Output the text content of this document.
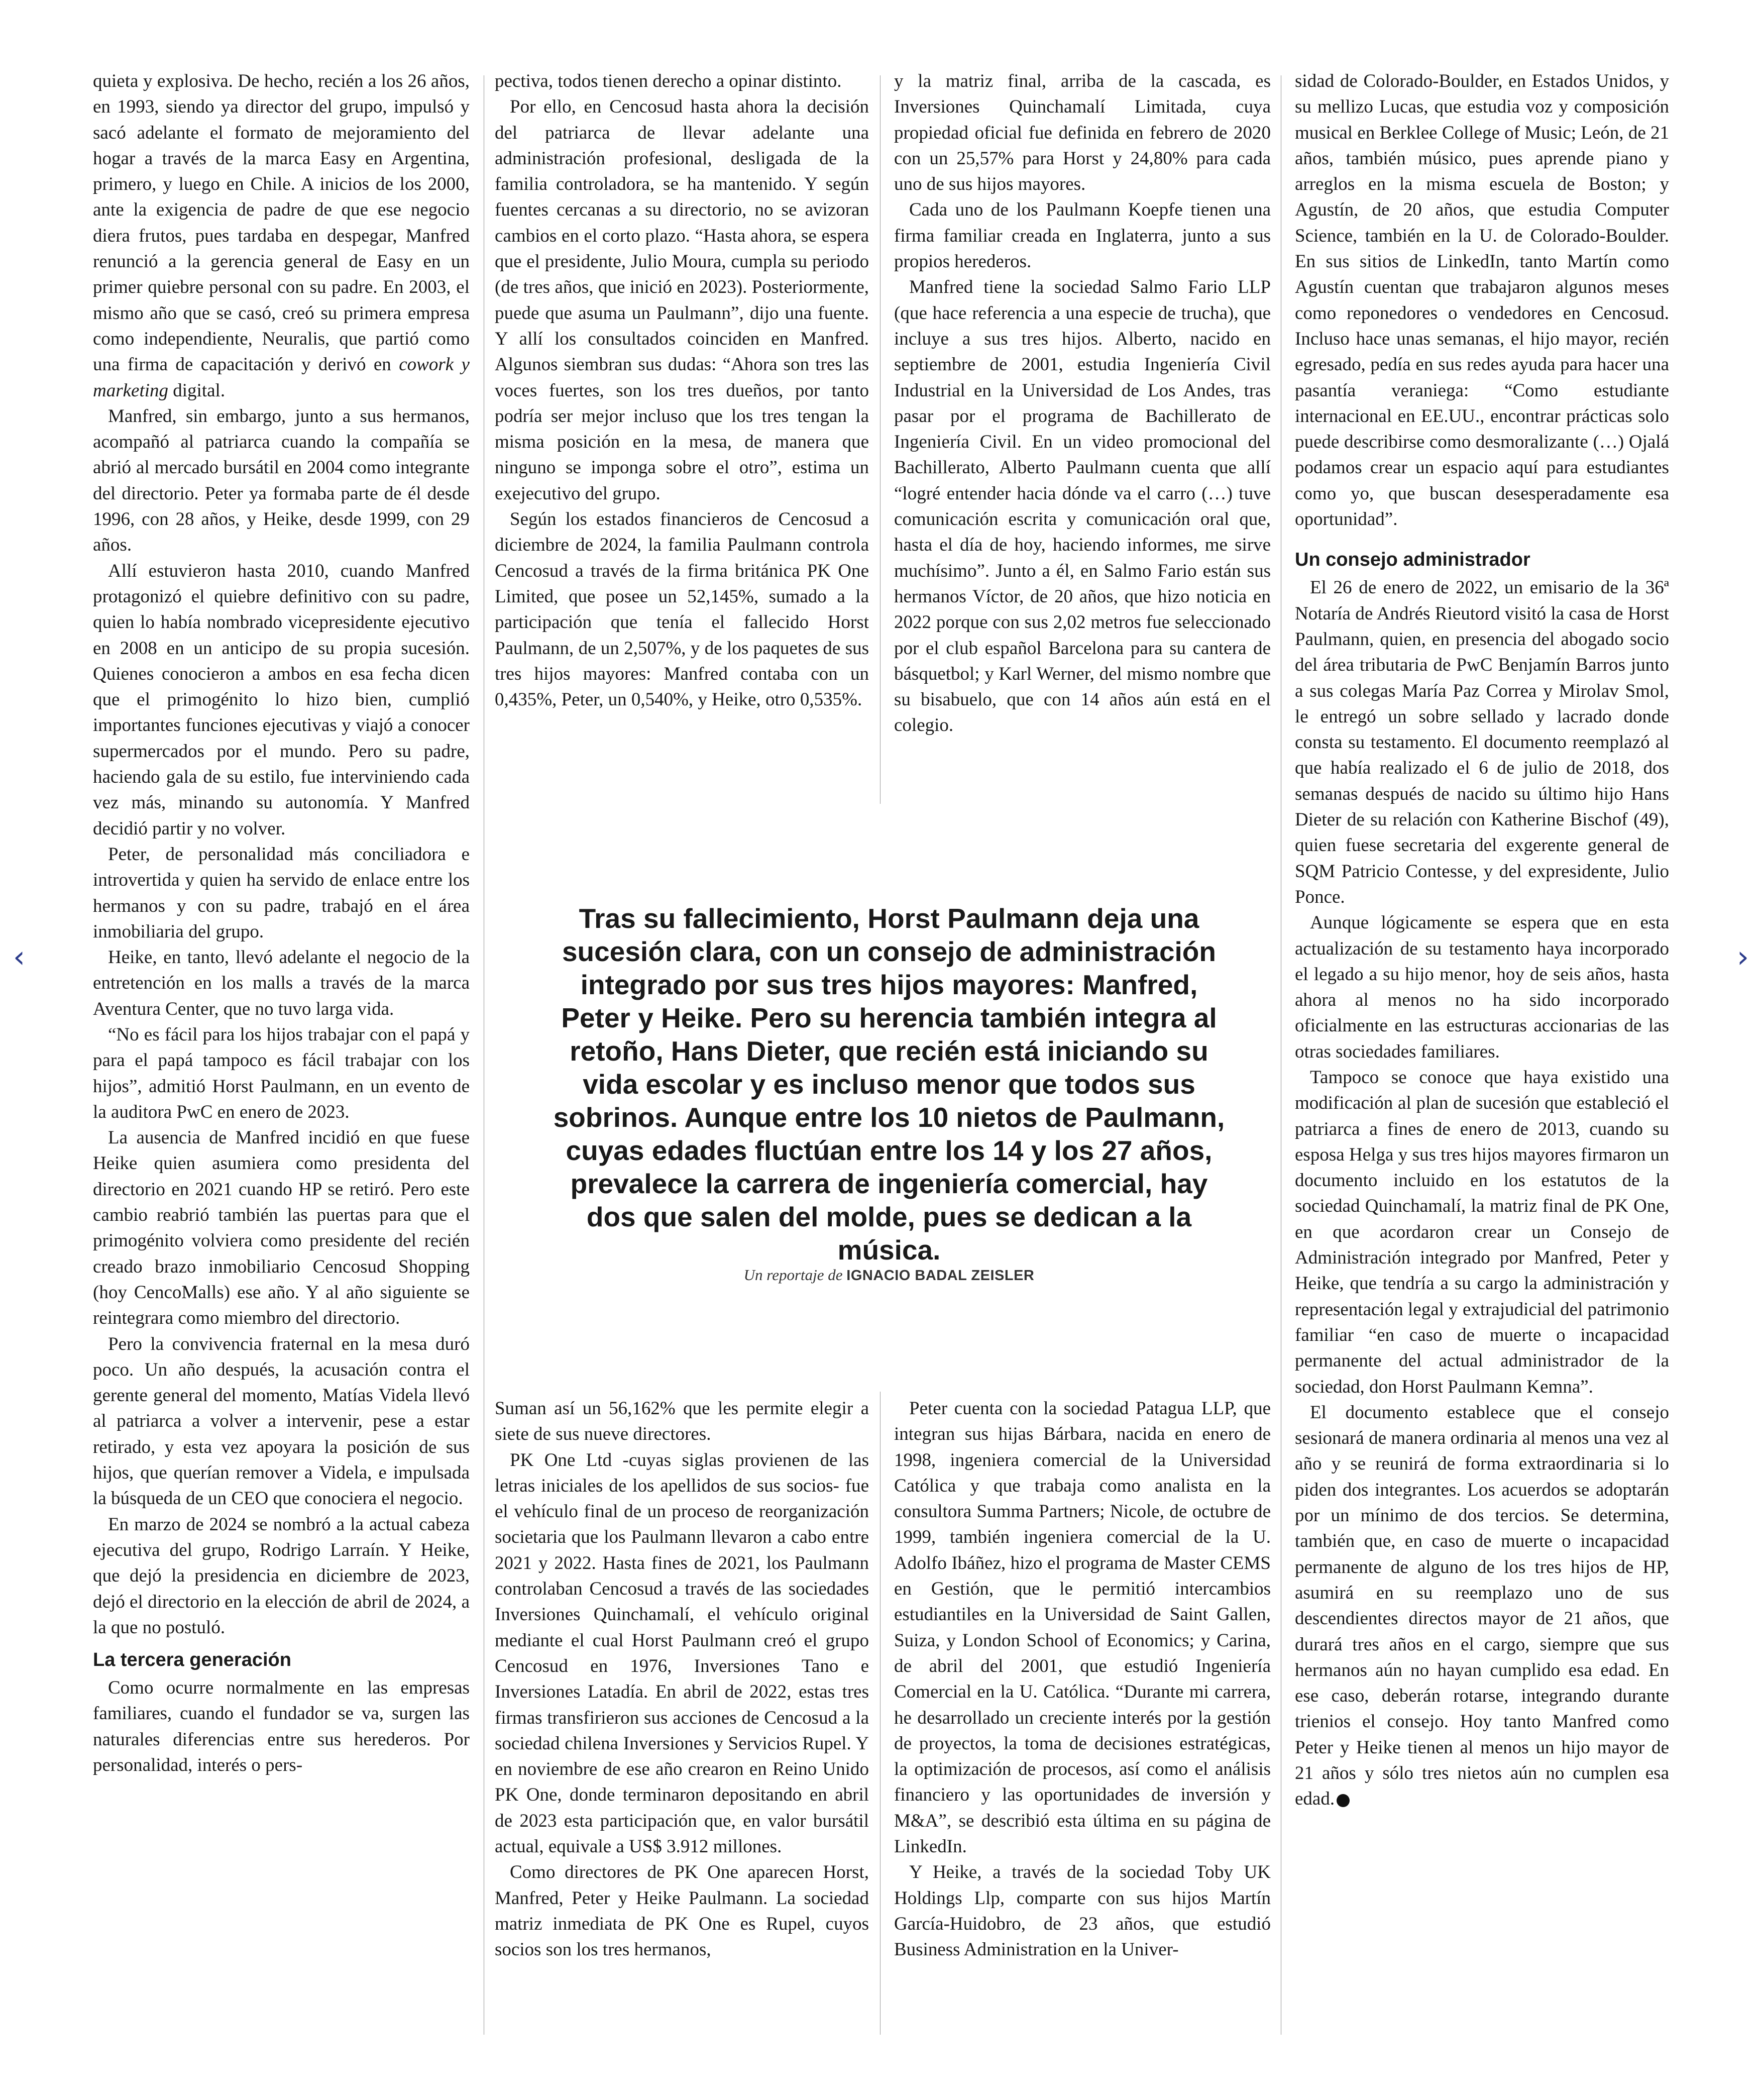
‹	›

quieta y explosiva. De hecho, recién a los 26 años, en 1993, siendo ya director del grupo, impulsó y sacó adelante el formato de mejoramiento del hogar a través de la marca Easy en Argentina, primero, y luego en Chile. A inicios de los 2000, ante la exigencia de padre de que ese negocio diera frutos, pues tardaba en despegar, Manfred renunció a la gerencia general de Easy en un primer quiebre personal con su padre. En 2003, el mismo año que se casó, creó su primera empresa como independiente, Neuralis, que partió como una firma de capacitación y derivó en cowork y marketing digital.

Manfred, sin embargo, junto a sus hermanos, acompañó al patriarca cuando la compañía se abrió al mercado bursátil en 2004 como integrante del directorio. Peter ya formaba parte de él desde 1996, con 28 años, y Heike, desde 1999, con 29 años.

Allí estuvieron hasta 2010, cuando Manfred protagonizó el quiebre definitivo con su padre, quien lo había nombrado vicepresidente ejecutivo en 2008 en un anticipo de su propia sucesión. Quienes conocieron a ambos en esa fecha dicen que el primogénito lo hizo bien, cumplió importantes funciones ejecutivas y viajó a conocer supermercados por el mundo. Pero su padre, haciendo gala de su estilo, fue interviniendo cada vez más, minando su autonomía. Y Manfred decidió partir y no volver.

Peter, de personalidad más conciliadora e introvertida y quien ha servido de enlace entre los hermanos y con su padre, trabajó en el área inmobiliaria del grupo.

Heike, en tanto, llevó adelante el negocio de la entretención en los malls a través de la marca Aventura Center, que no tuvo larga vida.

“No es fácil para los hijos trabajar con el papá y para el papá tampoco es fácil trabajar con los hijos”, admitió Horst Paulmann, en un evento de la auditora PwC en enero de 2023.

La ausencia de Manfred incidió en que fuese Heike quien asumiera como presidenta del directorio en 2021 cuando HP se retiró. Pero este cambio reabrió también las puertas para que el primogénito volviera como presidente del recién creado brazo inmobiliario Cencosud Shopping (hoy CencoMalls) ese año. Y al año siguiente se reintegrara como miembro del directorio.

Pero la convivencia fraternal en la mesa duró poco. Un año después, la acusación contra el gerente general del momento, Matías Videla llevó al patriarca a volver a intervenir, pese a estar retirado, y esta vez apoyara la posición de sus hijos, que querían remover a Videla, e impulsada la búsqueda de un CEO que conociera el negocio.

En marzo de 2024 se nombró a la actual cabeza ejecutiva del grupo, Rodrigo Larraín. Y Heike, que dejó la presidencia en diciembre de 2023, dejó el directorio en la elección de abril de 2024, a la que no postuló.

La tercera generación

Como ocurre normalmente en las empresas familiares, cuando el fundador se va, surgen las naturales diferencias entre sus herederos. Por personalidad, interés o pers-

pectiva, todos tienen derecho a opinar distinto.

Por ello, en Cencosud hasta ahora la decisión del patriarca de llevar adelante una administración profesional, desligada de la familia controladora, se ha mantenido. Y según fuentes cercanas a su directorio, no se avizoran cambios en el corto plazo. “Hasta ahora, se espera que el presidente, Julio Moura, cumpla su periodo (de tres años, que inició en 2023). Posteriormente, puede que asuma un Paulmann”, dijo una fuente. Y allí los consultados coinciden en Manfred. Algunos siembran sus dudas: “Ahora son tres las voces fuertes, son los tres dueños, por tanto podría ser mejor incluso que los tres tengan la misma posición en la mesa, de manera que ninguno se imponga sobre el otro”, estima un exejecutivo del grupo.

Según los estados financieros de Cencosud a diciembre de 2024, la familia Paulmann controla Cencosud a través de la firma británica PK One Limited, que posee un 52,145%, sumado a la participación que tenía el fallecido Horst Paulmann, de un 2,507%, y de los paquetes de sus tres hijos mayores: Manfred contaba con un 0,435%, Peter, un 0,540%, y Heike, otro 0,535%.

y la matriz final, arriba de la cascada, es Inversiones Quinchamalí Limitada, cuya propiedad oficial fue definida en febrero de 2020 con un 25,57% para Horst y 24,80% para cada uno de sus hijos mayores.

Cada uno de los Paulmann Koepfe tienen una firma familiar creada en Inglaterra, junto a sus propios herederos.

Manfred tiene la sociedad Salmo Fario LLP (que hace referencia a una especie de trucha), que incluye a sus tres hijos. Alberto, nacido en septiembre de 2001, estudia Ingeniería Civil Industrial en la Universidad de Los Andes, tras pasar por el programa de Bachillerato de Ingeniería Civil. En un video promocional del Bachillerato, Alberto Paulmann cuenta que allí “logré entender hacia dónde va el carro (…) tuve comunicación escrita y comunicación oral que, hasta el día de hoy, haciendo informes, me sirve muchísimo”. Junto a él, en Salmo Fario están sus hermanos Víctor, de 20 años, que hizo noticia en 2022 porque con sus 2,02 metros fue seleccionado por el club español Barcelona para su cantera de básquetbol; y Karl Werner, del mismo nombre que su bisabuelo, que con 14 años aún está en el colegio.

Tras su fallecimiento, Horst Paulmann deja una sucesión clara, con un consejo de administración integrado por sus tres hijos mayores: Manfred, Peter y Heike. Pero su herencia también integra al retoño, Hans Dieter, que recién está iniciando su vida escolar y es incluso menor que todos sus sobrinos. Aunque entre los 10 nietos de Paulmann, cuyas edades fluctúan entre los 14 y los 27 años, prevalece la carrera de ingeniería comercial, hay dos que salen del molde, pues se dedican a la música.
Un reportaje de IGNACIO BADAL ZEISLER

Suman así un 56,162% que les permite elegir a siete de sus nueve directores.

PK One Ltd -cuyas siglas provienen de las letras iniciales de los apellidos de sus socios- fue el vehículo final de un proceso de reorganización societaria que los Paulmann llevaron a cabo entre 2021 y 2022. Hasta fines de 2021, los Paulmann controlaban Cencosud a través de las sociedades Inversiones Quinchamalí, el vehículo original mediante el cual Horst Paulmann creó el grupo Cencosud en 1976, Inversiones Tano e Inversiones Latadía. En abril de 2022, estas tres firmas transfirieron sus acciones de Cencosud a la sociedad chilena Inversiones y Servicios Rupel. Y en noviembre de ese año crearon en Reino Unido PK One, donde terminaron depositando en abril de 2023 esta participación que, en valor bursátil actual, equivale a US$ 3.912 millones.

Como directores de PK One aparecen Horst, Manfred, Peter y Heike Paulmann. La sociedad matriz inmediata de PK One es Rupel, cuyos socios son los tres hermanos,

Peter cuenta con la sociedad Patagua LLP, que integran sus hijas Bárbara, nacida en enero de 1998, ingeniera comercial de la Universidad Católica y que trabaja como analista en la consultora Summa Partners; Nicole, de octubre de 1999, también ingeniera comercial de la U. Adolfo Ibáñez, hizo el programa de Master CEMS en Gestión, que le permitió intercambios estudiantiles en la Universidad de Saint Gallen, Suiza, y London School of Economics; y Carina, de abril del 2001, que estudió Ingeniería Comercial en la U. Católica. “Durante mi carrera, he desarrollado un creciente interés por la gestión de proyectos, la toma de decisiones estratégicas, la optimización de procesos, así como el análisis financiero y las oportunidades de inversión y M&A”, se describió esta última en su página de LinkedIn.

Y Heike, a través de la sociedad Toby UK Holdings Llp, comparte con sus hijos Martín García-Huidobro, de 23 años, que estudió Business Administration en la Univer-

sidad de Colorado-Boulder, en Estados Unidos, y su mellizo Lucas, que estudia voz y composición musical en Berklee College of Music; León, de 21 años, también músico, pues aprende piano y arreglos en la misma escuela de Boston; y Agustín, de 20 años, que estudia Computer Science, también en la U. de Colorado-Boulder. En sus sitios de LinkedIn, tanto Martín como Agustín cuentan que trabajaron algunos meses como reponedores o vendedores en Cencosud. Incluso hace unas semanas, el hijo mayor, recién egresado, pedía en sus redes ayuda para hacer una pasantía veraniega: “Como estudiante internacional en EE.UU., encontrar prácticas solo puede describirse como desmoralizante (…) Ojalá podamos crear un espacio aquí para estudiantes como yo, que buscan desesperadamente esa oportunidad”.

Un consejo administrador

El 26 de enero de 2022, un emisario de la 36ª Notaría de Andrés Rieutord visitó la casa de Horst Paulmann, quien, en presencia del abogado socio del área tributaria de PwC Benjamín Barros junto a sus colegas María Paz Correa y Mirolav Smol, le entregó un sobre sellado y lacrado donde consta su testamento. El documento reemplazó al que había realizado el 6 de julio de 2018, dos semanas después de nacido su último hijo Hans Dieter de su relación con Katherine Bischof (49), quien fuese secretaria del exgerente general de SQM Patricio Contesse, y del expresidente, Julio Ponce.

Aunque lógicamente se espera que en esta actualización de su testamento haya incorporado el legado a su hijo menor, hoy de seis años, hasta ahora al menos no ha sido incorporado oficialmente en las estructuras accionarias de las otras sociedades familiares.

Tampoco se conoce que haya existido una modificación al plan de sucesión que estableció el patriarca a fines de enero de 2013, cuando su esposa Helga y sus tres hijos mayores firmaron un documento incluido en los estatutos de la sociedad Quinchamalí, la matriz final de PK One, en que acordaron crear un Consejo de Administración integrado por Manfred, Peter y Heike, que tendría a su cargo la administración y representación legal y extrajudicial del patrimonio familiar “en caso de muerte o incapacidad permanente del actual administrador de la sociedad, don Horst Paulmann Kemna”.

El documento establece que el consejo sesionará de manera ordinaria al menos una vez al año y se reunirá de forma extraordinaria si lo piden dos integrantes. Los acuerdos se adoptarán por un mínimo de dos tercios. Se determina, también que, en caso de muerte o incapacidad permanente de alguno de los tres hijos de HP, asumirá en su reemplazo uno de sus descendientes directos mayor de 21 años, que durará tres años en el cargo, siempre que sus hermanos aún no hayan cumplido esa edad. En ese caso, deberán rotarse, integrando durante trienios el consejo. Hoy tanto Manfred como Peter y Heike tienen al menos un hijo mayor de 21 años y sólo tres nietos aún no cumplen esa edad. P
